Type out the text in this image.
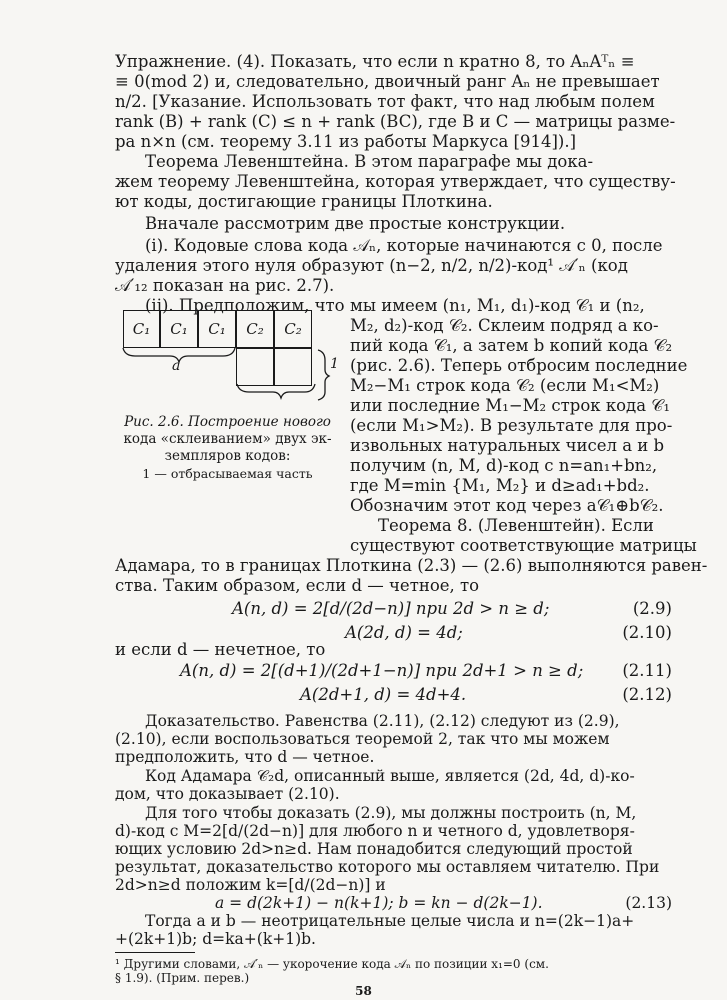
Упражнение. (4). Показать, что если n кратно 8, то AₙAᵀₙ ≡
≡ 0(mod 2) и, следовательно, двоичный ранг Aₙ не превышает
n/2. [Указание. Использовать тот факт, что над любым полем
rank (B) + rank (C) ≤ n + rank (BC), где B и C — матрицы разме-
ра n×n (см. теорему 3.11 из работы Маркуса [914]).]
Теорема Левенштейна. В этом параграфе мы дока-
жем теорему Левенштейна, которая утверждает, что существу-
ют коды, достигающие границы Плоткина.
Вначале рассмотрим две простые конструкции.
(i). Кодовые слова кода 𝒜ₙ, которые начинаются с 0, после
удаления этого нуля образуют (n−2, n/2, n/2)-код¹ 𝒜′ₙ (код
𝒜′₁₂ показан на рис. 2.7).
(ii). Предположим, что мы имеем (n₁, M₁, d₁)-код 𝒞₁ и (n₂,
M₂, d₂)-код 𝒞₂. Склеим подряд a ко-
пий кода 𝒞₁, а затем b копий кода 𝒞₂
(рис. 2.6). Теперь отбросим последние
M₂−M₁ строк кода 𝒞₂ (если M₁<M₂)
или последние M₁−M₂ строк кода 𝒞₁
(если M₁>M₂). В результате для про-
извольных натуральных чисел a и b
получим (n, M, d)-код с n=an₁+bn₂,
где M=min {M₁, M₂} и d≥ad₁+bd₂.
Обозначим этот код через a𝒞₁⊕b𝒞₂.
Теорема 8. (Левенштейн). Если
существуют соответствующие матрицы
C₁	C₁	C₁	C₂	C₂
a	1
Рис. 2.6. Построение нового
кода «склеиванием» двух эк-
земпляров кодов:
1 — отбрасываемая часть
Адамара, то в границах Плоткина (2.3) — (2.6) выполняются равен-
ства. Таким образом, если d — четное, то
A(n, d) = 2[d/(2d−n)] при 2d > n ≥ d;	(2.9)
A(2d, d) = 4d;	(2.10)
и если d — нечетное, то
A(n, d) = 2[(d+1)/(2d+1−n)] при 2d+1 > n ≥ d; (2.11)
A(2d+1, d) = 4d+4.	(2.12)
Доказательство. Равенства (2.11), (2.12) следуют из (2.9),
(2.10), если воспользоваться теоремой 2, так что мы можем
предположить, что d — четное.
Код Адамара 𝒞₂d, описанный выше, является (2d, 4d, d)-ко-
дом, что доказывает (2.10).
Для того чтобы доказать (2.9), мы должны построить (n, M,
d)-код с M=2[d/(2d−n)] для любого n и четного d, удовлетворя-
ющих условию 2d>n≥d. Нам понадобится следующий простой
¹ Другими словами, 𝒜′ₙ — укорочение кода 𝒜ₙ по позиции x₁=0 (см.
§ 1.9). (Прим. перев.)
58
результат, доказательство которого мы оставляем читателю. При
2d>n≥d положим k=[d/(2d−n)] и
a = d(2k+1) − n(k+1); b = kn − d(2k−1).	(2.13)
Тогда a и b — неотрицательные целые числа и n=(2k−1)a+
+(2k+1)b; d=ka+(k+1)b.
